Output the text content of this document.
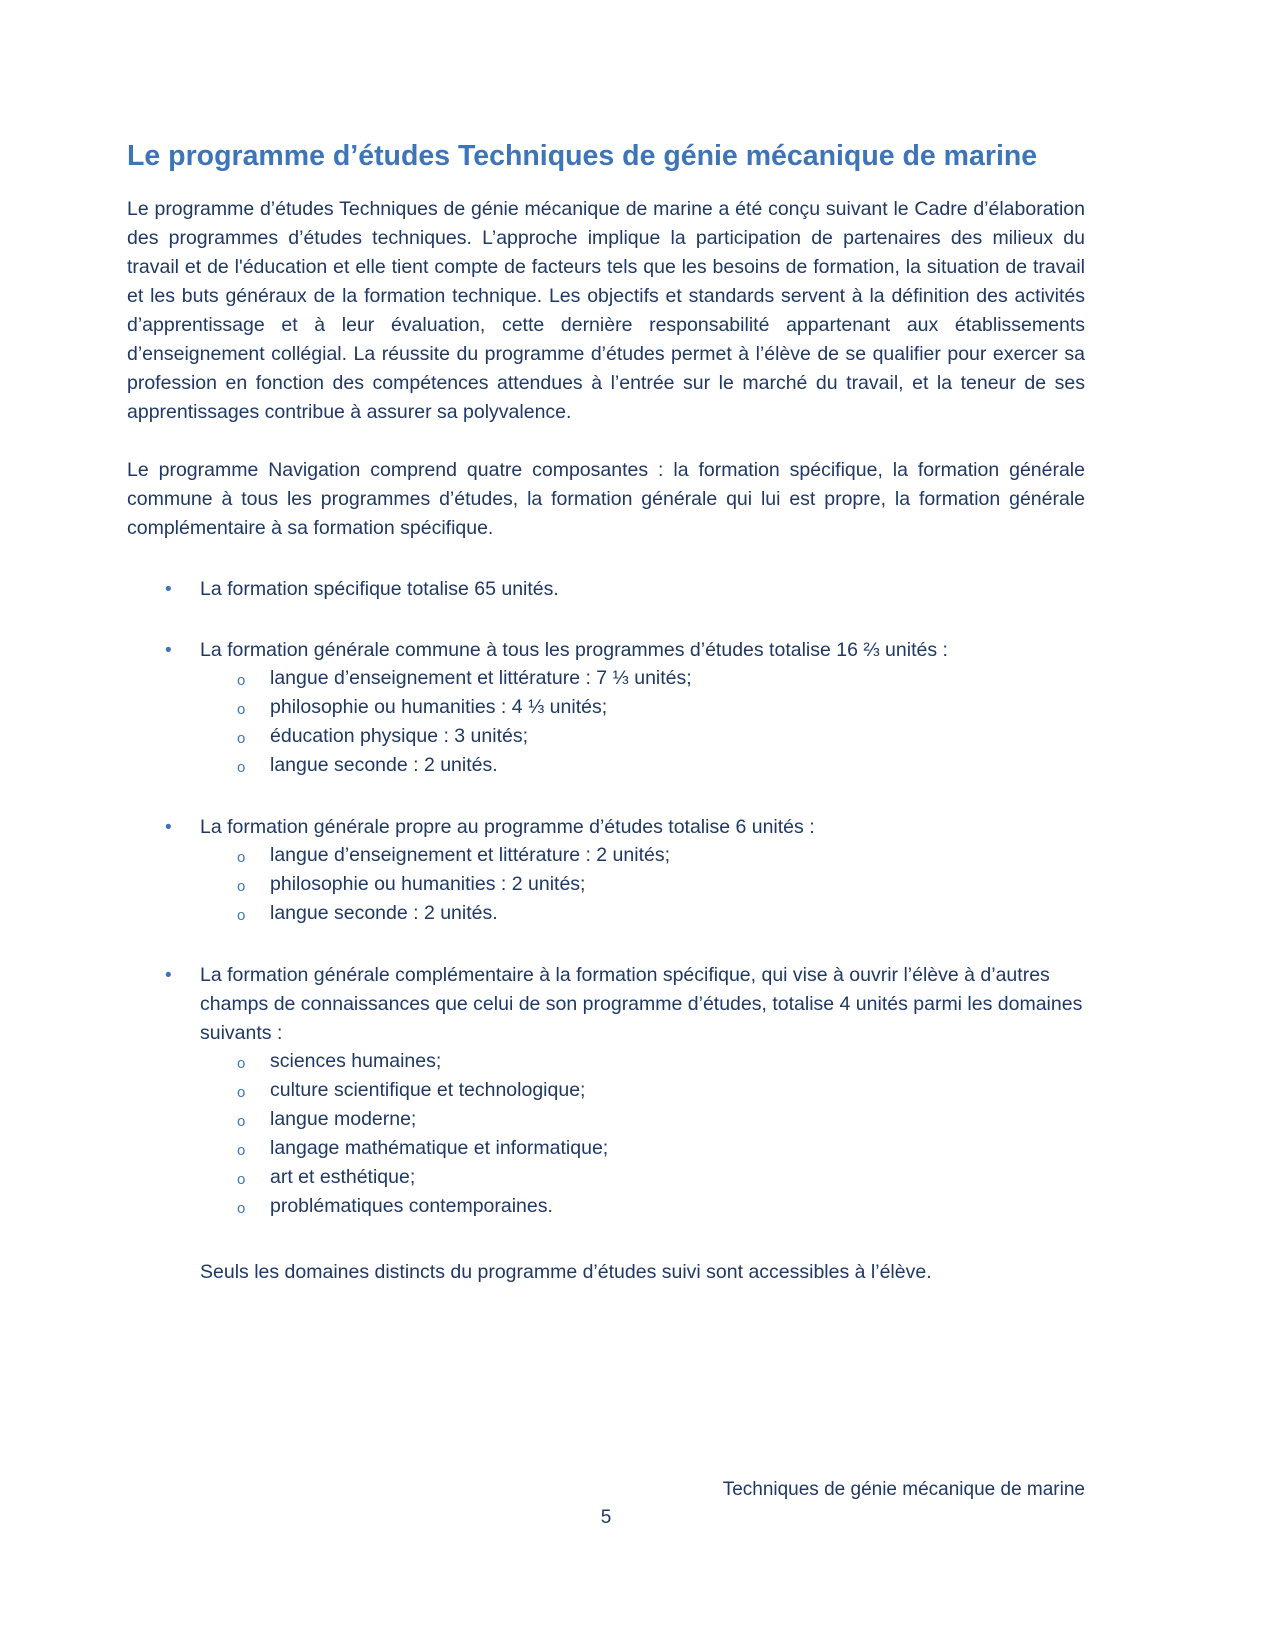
Le programme d’études Techniques de génie mécanique de marine

Le programme d’études Techniques de génie mécanique de marine a été conçu suivant le Cadre d’élaboration des programmes d’études techniques. L’approche implique la participation de partenaires des milieux du travail et de l'éducation et elle tient compte de facteurs tels que les besoins de formation, la situation de travail et les buts généraux de la formation technique. Les objectifs et standards servent à la définition des activités d’apprentissage et à leur évaluation, cette dernière responsabilité appartenant aux établissements d’enseignement collégial. La réussite du programme d’études permet à l’élève de se qualifier pour exercer sa profession en fonction des compétences attendues à l’entrée sur le marché du travail, et la teneur de ses apprentissages contribue à assurer sa polyvalence.

Le programme Navigation comprend quatre composantes : la formation spécifique, la formation générale commune à tous les programmes d’études, la formation générale qui lui est propre, la formation générale complémentaire à sa formation spécifique.

•	La formation spécifique totalise 65 unités.
•	La formation générale commune à tous les programmes d’études totalise 16 ⅔ unités :
o	langue d’enseignement et littérature : 7 ⅓ unités;
o	philosophie ou humanities : 4 ⅓ unités;
o	éducation physique : 3 unités;
o	langue seconde : 2 unités.
•	La formation générale propre au programme d’études totalise 6 unités :
o	langue d’enseignement et littérature : 2 unités;
o	philosophie ou humanities : 2 unités;
o	langue seconde : 2 unités.
•	La formation générale complémentaire à la formation spécifique, qui vise à ouvrir l’élève à d’autres champs de connaissances que celui de son programme d’études, totalise 4 unités parmi les domaines suivants :
o	sciences humaines;
o	culture scientifique et technologique;
o	langue moderne;
o	langage mathématique et informatique;
o	art et esthétique;
o	problématiques contemporaines.

Seuls les domaines distincts du programme d’études suivi sont accessibles à l’élève.

Techniques de génie mécanique de marine
5
